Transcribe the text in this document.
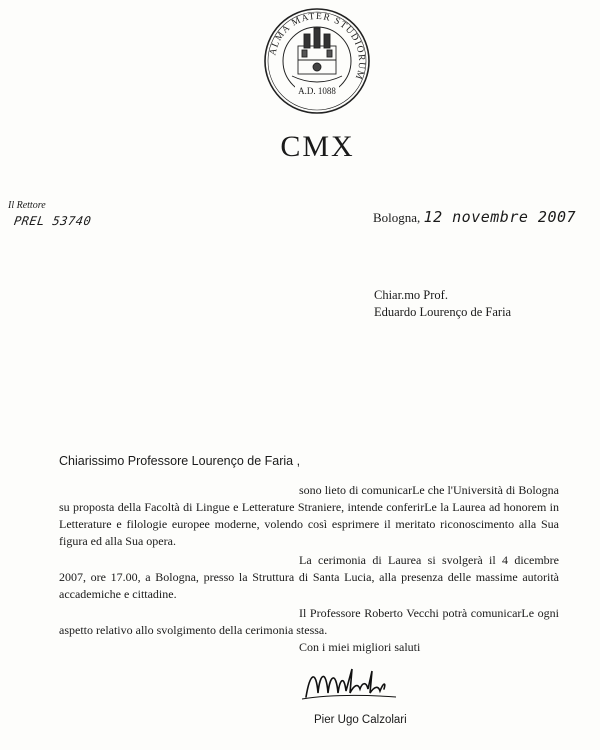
ALMA MATER STUDIORUM
A.D. 1088
CMX
Il Rettore
PREL 53740	Bologna, 12 novembre 2007
Chiar.mo Prof.
Eduardo Lourenço de Faria
Chiarissimo Professore Lourenço de Faria ,

sono lieto di comunicarLe che l'Università di Bologna su proposta della Facoltà di Lingue e Letterature Straniere, intende conferirLe la Laurea ad honorem in Letterature e filologie europee moderne, volendo così esprimere il meritato riconoscimento alla Sua figura ed alla Sua opera.

La cerimonia di Laurea si svolgerà il 4 dicembre 2007, ore 17.00, a Bologna, presso la Struttura di Santa Lucia, alla presenza delle massime autorità accademiche e cittadine.

Il Professore Roberto Vecchi potrà comunicarLe ogni aspetto relativo allo svolgimento della cerimonia stessa.

Con i miei migliori saluti

Pier Ugo Calzolari
